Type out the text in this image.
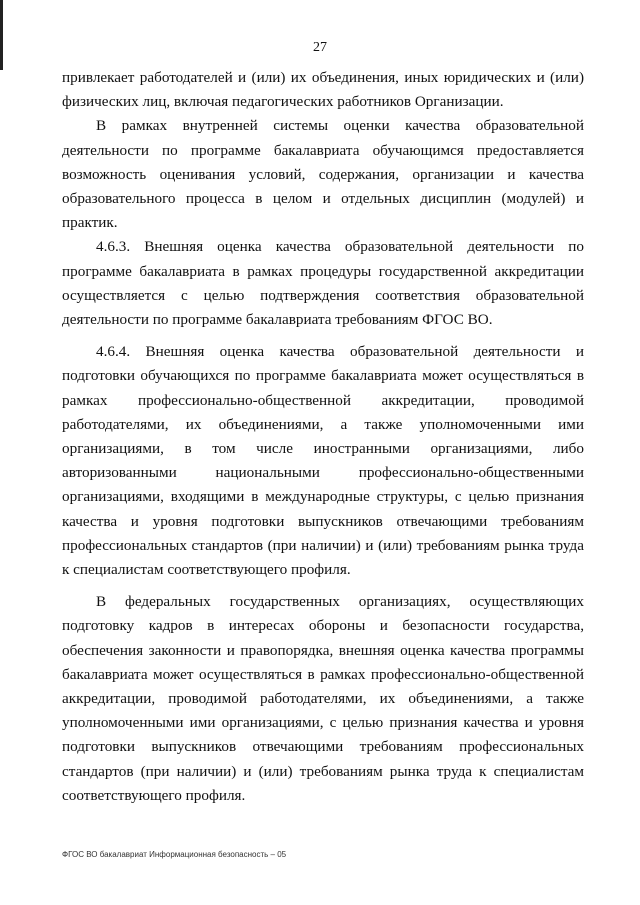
27

привлекает работодателей и (или) их объединения, иных юридических и (или) физических лиц, включая педагогических работников Организации.

В рамках внутренней системы оценки качества образовательной деятельности по программе бакалавриата обучающимся предоставляется возможность оценивания условий, содержания, организации и качества образовательного процесса в целом и отдельных дисциплин (модулей) и практик.

4.6.3. Внешняя оценка качества образовательной деятельности по программе бакалавриата в рамках процедуры государственной аккредитации осуществляется с целью подтверждения соответствия образовательной деятельности по программе бакалавриата требованиям ФГОС ВО.

4.6.4. Внешняя оценка качества образовательной деятельности и подготовки обучающихся по программе бакалавриата может осуществляться в рамках профессионально-общественной аккредитации, проводимой работодателями, их объединениями, а также уполномоченными ими организациями, в том числе иностранными организациями, либо авторизованными национальными профессионально-общественными организациями, входящими в международные структуры, с целью признания качества и уровня подготовки выпускников отвечающими требованиям профессиональных стандартов (при наличии) и (или) требованиям рынка труда к специалистам соответствующего профиля.

В федеральных государственных организациях, осуществляющих подготовку кадров в интересах обороны и безопасности государства, обеспечения законности и правопорядка, внешняя оценка качества программы бакалавриата может осуществляться в рамках профессионально-общественной аккредитации, проводимой работодателями, их объединениями, а также уполномоченными ими организациями, с целью признания качества и уровня подготовки выпускников отвечающими требованиям профессиональных стандартов (при наличии) и (или) требованиям рынка труда к специалистам соответствующего профиля.

ФГОС ВО бакалавриат Информационная безопасность – 05
